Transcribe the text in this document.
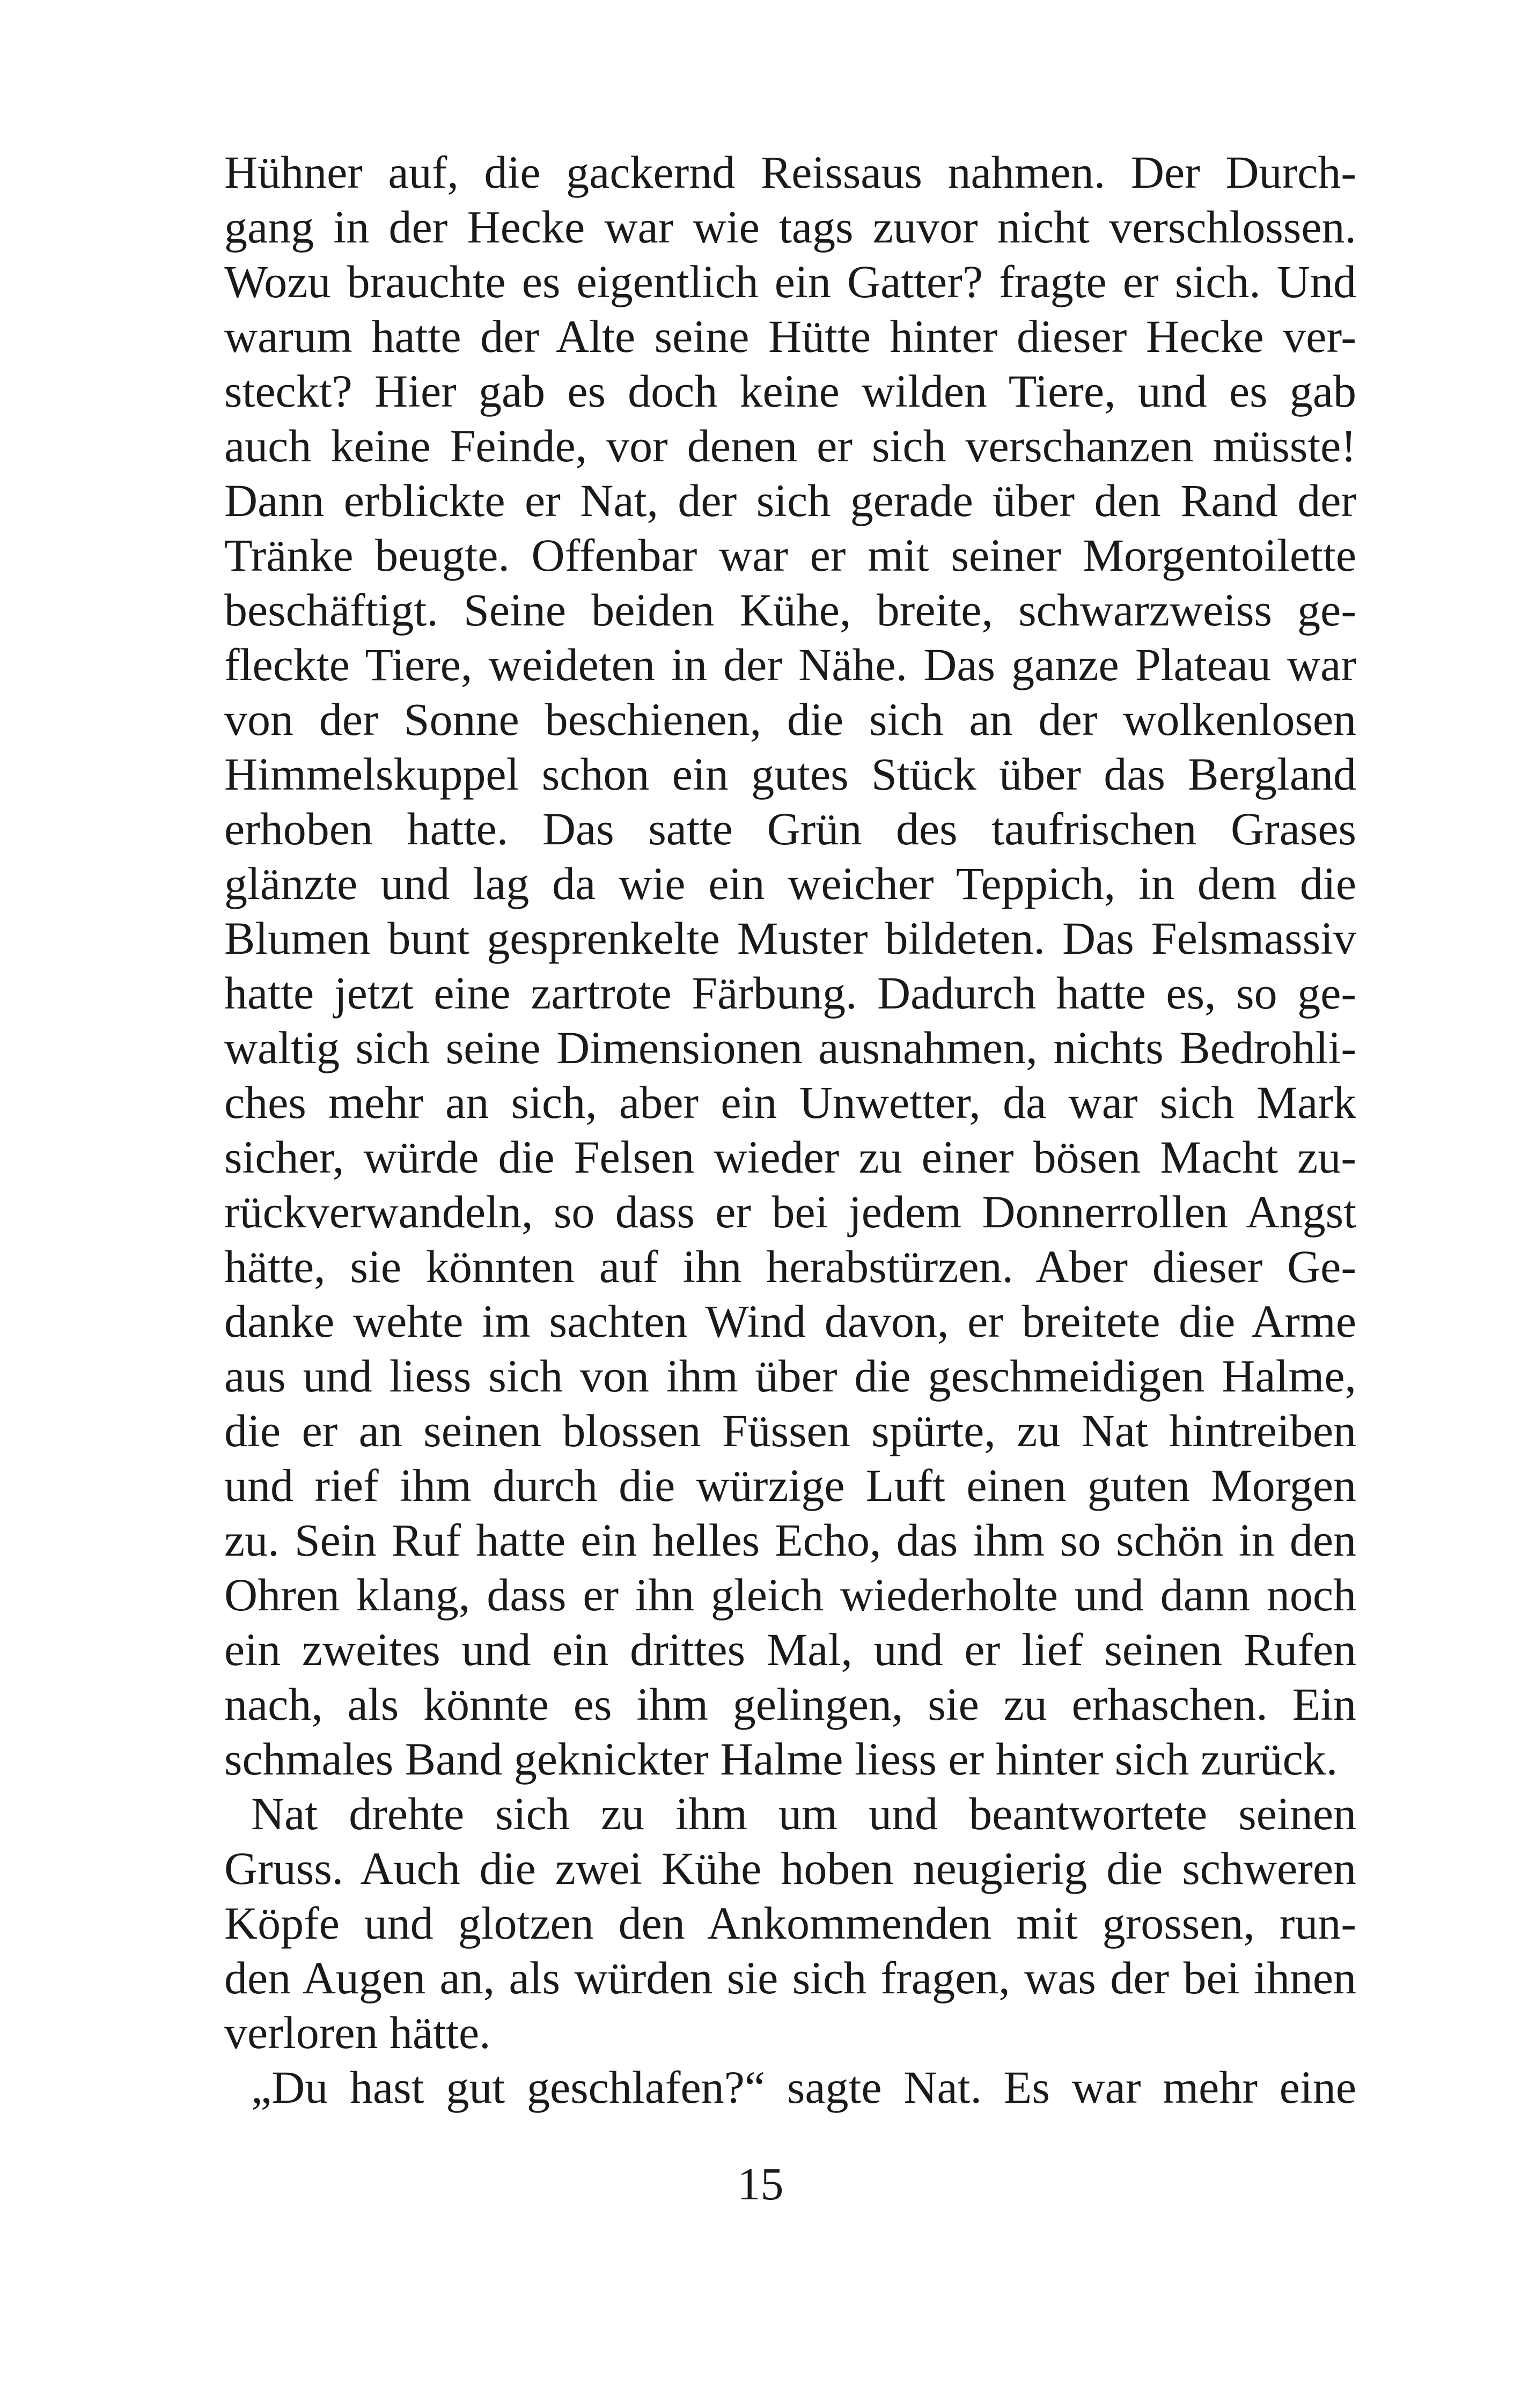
Hühner auf, die gackernd Reissaus nahmen. Der Durch-
gang in der Hecke war wie tags zuvor nicht verschlossen.
Wozu brauchte es eigentlich ein Gatter? fragte er sich. Und
warum hatte der Alte seine Hütte hinter dieser Hecke ver-
steckt? Hier gab es doch keine wilden Tiere, und es gab
auch keine Feinde, vor denen er sich verschanzen müsste!
Dann erblickte er Nat, der sich gerade über den Rand der
Tränke beugte. Offenbar war er mit seiner Morgentoilette
beschäftigt. Seine beiden Kühe, breite, schwarzweiss ge-
fleckte Tiere, weideten in der Nähe. Das ganze Plateau war
von der Sonne beschienen, die sich an der wolkenlosen
Himmelskuppel schon ein gutes Stück über das Bergland
erhoben hatte. Das satte Grün des taufrischen Grases
glänzte und lag da wie ein weicher Teppich, in dem die
Blumen bunt gesprenkelte Muster bildeten. Das Felsmassiv
hatte jetzt eine zartrote Färbung. Dadurch hatte es, so ge-
waltig sich seine Dimensionen ausnahmen, nichts Bedrohli-
ches mehr an sich, aber ein Unwetter, da war sich Mark
sicher, würde die Felsen wieder zu einer bösen Macht zu-
rückverwandeln, so dass er bei jedem Donnerrollen Angst
hätte, sie könnten auf ihn herabstürzen. Aber dieser Ge-
danke wehte im sachten Wind davon, er breitete die Arme
aus und liess sich von ihm über die geschmeidigen Halme,
die er an seinen blossen Füssen spürte, zu Nat hintreiben
und rief ihm durch die würzige Luft einen guten Morgen
zu. Sein Ruf hatte ein helles Echo, das ihm so schön in den
Ohren klang, dass er ihn gleich wiederholte und dann noch
ein zweites und ein drittes Mal, und er lief seinen Rufen
nach, als könnte es ihm gelingen, sie zu erhaschen. Ein
schmales Band geknickter Halme liess er hinter sich zurück.
Nat drehte sich zu ihm um und beantwortete seinen
Gruss. Auch die zwei Kühe hoben neugierig die schweren
Köpfe und glotzen den Ankommenden mit grossen, run-
den Augen an, als würden sie sich fragen, was der bei ihnen
verloren hätte.
„Du hast gut geschlafen?“ sagte Nat. Es war mehr eine
15
